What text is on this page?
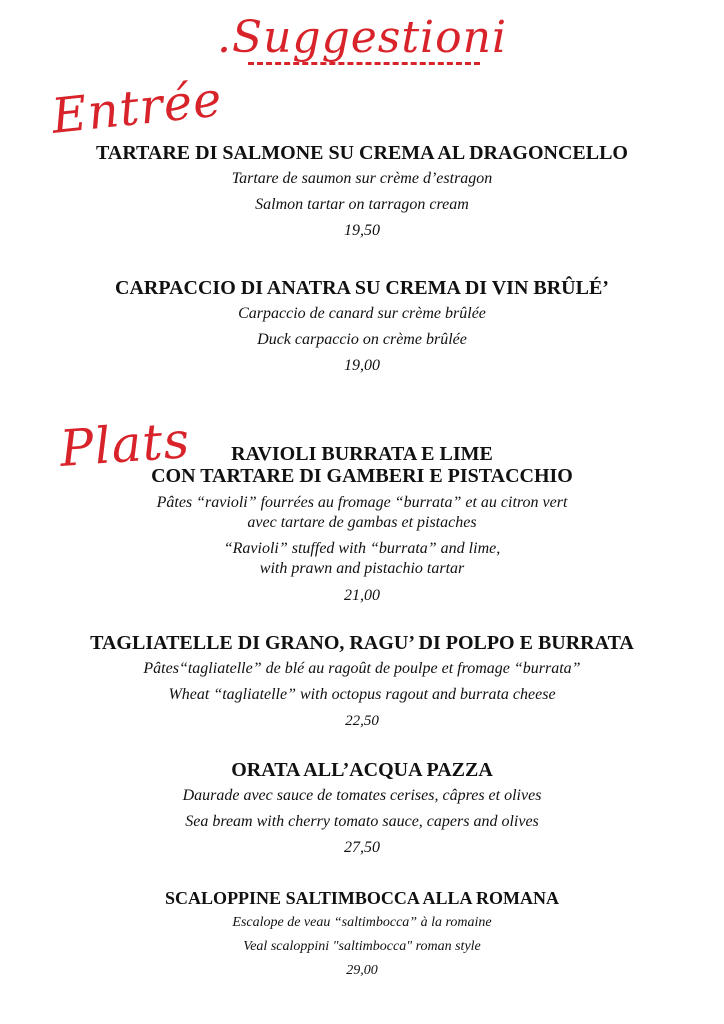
.Suggestioni
Entrée
Plats
TARTARE DI SALMONE SU CREMA AL DRAGONCELLO
Tartare de saumon sur crème d’estragon
Salmon tartar on tarragon cream
19,50
CARPACCIO DI ANATRA SU CREMA DI VIN BRÛLÉ’
Carpaccio de canard sur crème brûlée
Duck carpaccio on crème brûlée
19,00
RAVIOLI BURRATA E LIME
CON TARTARE DI GAMBERI E PISTACCHIO
Pâtes “ravioli” fourrées au fromage “burrata” et au citron vert
avec tartare de gambas et pistaches
“Ravioli” stuffed with “burrata” and lime,
with prawn and pistachio tartar
21,00
TAGLIATELLE DI GRANO, RAGU’ DI POLPO E BURRATA
Pâtes“tagliatelle” de blé au ragoût de poulpe et fromage “burrata”
Wheat “tagliatelle” with octopus ragout and burrata cheese
22,50
ORATA ALL’ACQUA PAZZA
Daurade avec sauce de tomates cerises, câpres et olives
Sea bream with cherry tomato sauce, capers and olives
27,50
SCALOPPINE SALTIMBOCCA ALLA ROMANA
Escalope de veau “saltimbocca” à la romaine
Veal scaloppini "saltimbocca" roman style
29,00
